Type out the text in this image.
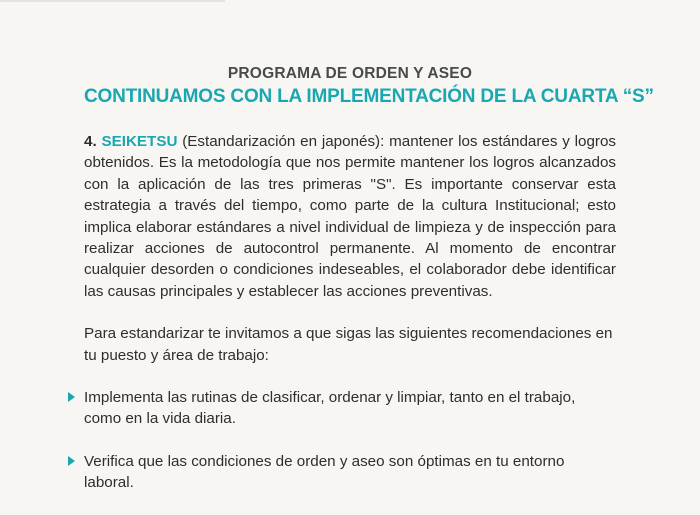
PROGRAMA DE ORDEN Y ASEO
CONTINUAMOS CON LA IMPLEMENTACIÓN DE LA CUARTA “S”

4. SEIKETSU (Estandarización en japonés): mantener los estándares y logros obtenidos. Es la metodología que nos permite mantener los logros alcanzados con la aplicación de las tres primeras "S". Es importante conservar esta estrategia a través del tiempo, como parte de la cultura Institucional; esto implica elaborar estándares a nivel individual de limpieza y de inspección para realizar acciones de autocontrol permanente. Al momento de encontrar cualquier desorden o condiciones indeseables, el colaborador debe identificar las causas principales y establecer las acciones preventivas.

Para estandarizar te invitamos a que sigas las siguientes recomendaciones en tu puesto y área de trabajo:

Implementa las rutinas de clasificar, ordenar y limpiar, tanto en el trabajo, como en la vida diaria.
Verifica que las condiciones de orden y aseo son óptimas en tu entorno laboral.
